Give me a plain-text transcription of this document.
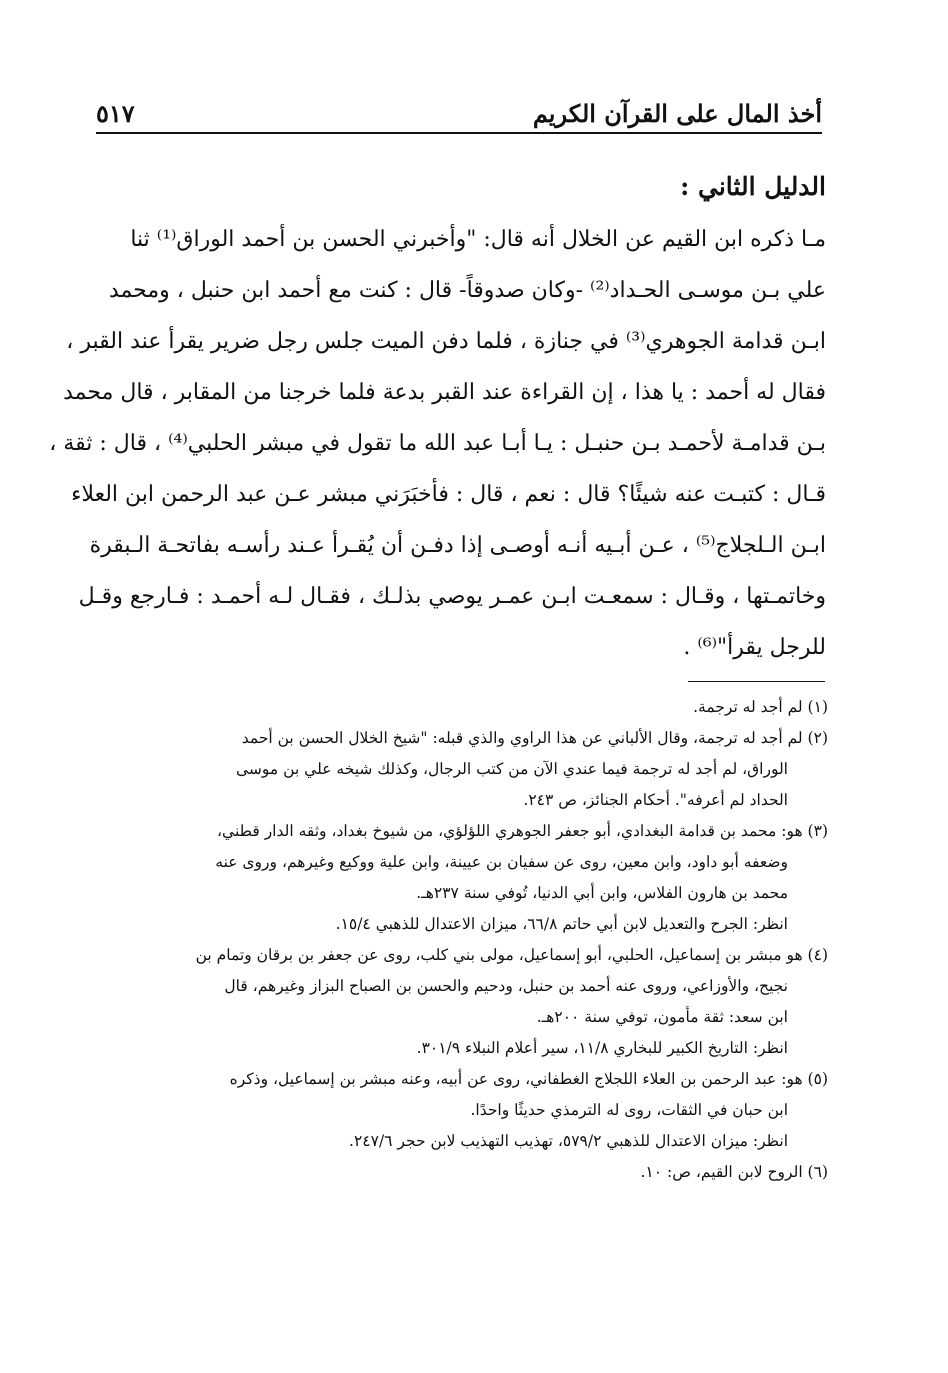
أخذ المال على القرآن الكريم
٥١٧
الدليل الثاني :
مـا ذكره ابن القيم عن الخلال أنه قال: "وأخبرني الحسن بن أحمد الوراق⁽¹⁾ ثنا
علي بـن موسـى الحـداد⁽²⁾ -وكان صدوقاً- قال : كنت مع أحمد ابن حنبل ، ومحمد
ابـن قدامة الجوهري⁽³⁾ في جنازة ، فلما دفن الميت جلس رجل ضرير يقرأ عند القبر ،
فقال له أحمد : يا هذا ، إن القراءة عند القبر بدعة فلما خرجنا من المقابر ، قال محمد
بـن قدامـة لأحمـد بـن حنبـل : يـا أبـا عبد الله ما تقول في مبشر الحلبي⁽⁴⁾ ، قال : ثقة ،
قـال : كتبـت عنه شيئًا؟ قال : نعم ، قال : فأخبَرَني مبشر عـن عبد الرحمن ابن العلاء
ابـن الـلجلاج⁽⁵⁾ ، عـن أبـيه أنـه أوصـى إذا دفـن أن يُقـرأ عـند رأسـه بفاتحـة الـبقرة
وخاتمـتها ، وقـال : سمعـت ابـن عمـر يوصي بذلـك ، فقـال لـه أحمـد : فـارجع وقـل
للرجل يقرأ"⁽⁶⁾ .
(١) لم أجد له ترجمة.
(٢) لم أجد له ترجمة، وقال الألباني عن هذا الراوي والذي قبله: "شيخ الخلال الحسن بن أحمد
الوراق، لم أجد له ترجمة فيما عندي الآن من كتب الرجال، وكذلك شيخه علي بن موسى
الحداد لم أعرفه". أحكام الجنائز، ص ٢٤٣.
(٣) هو: محمد بن قدامة البغدادي، أبو جعفر الجوهري اللؤلؤي، من شيوخ بغداد، وثقه الدار قطني،
وضعفه أبو داود، وابن معين، روى عن سفيان بن عيينة، وابن علية ووكيع وغيرهم، وروى عنه
محمد بن هارون الفلاس، وابن أبي الدنيا، تُوفي سنة ٢٣٧هـ.
انظر: الجرح والتعديل لابن أبي حاتم ٦٦/٨، ميزان الاعتدال للذهبي ١٥/٤.
(٤) هو مبشر بن إسماعيل، الحلبي، أبو إسماعيل، مولى بني كلب، روى عن جعفر بن برقان وتمام بن
نجيح، والأوزاعي، وروى عنه أحمد بن حنبل، ودحيم والحسن بن الصباح البزاز وغيرهم، قال
ابن سعد: ثقة مأمون، توفي سنة ٢٠٠هـ.
انظر: التاريخ الكبير للبخاري ١١/٨، سير أعلام النبلاء ٣٠١/٩.
(٥) هو: عبد الرحمن بن العلاء اللجلاج الغطفاني، روى عن أبيه، وعنه مبشر بن إسماعيل، وذكره
ابن حبان في الثقات، روى له الترمذي حديثًا واحدًا.
انظر: ميزان الاعتدال للذهبي ٥٧٩/٢، تهذيب التهذيب لابن حجر ٢٤٧/٦.
(٦) الروح لابن القيم، ص: ١٠.
